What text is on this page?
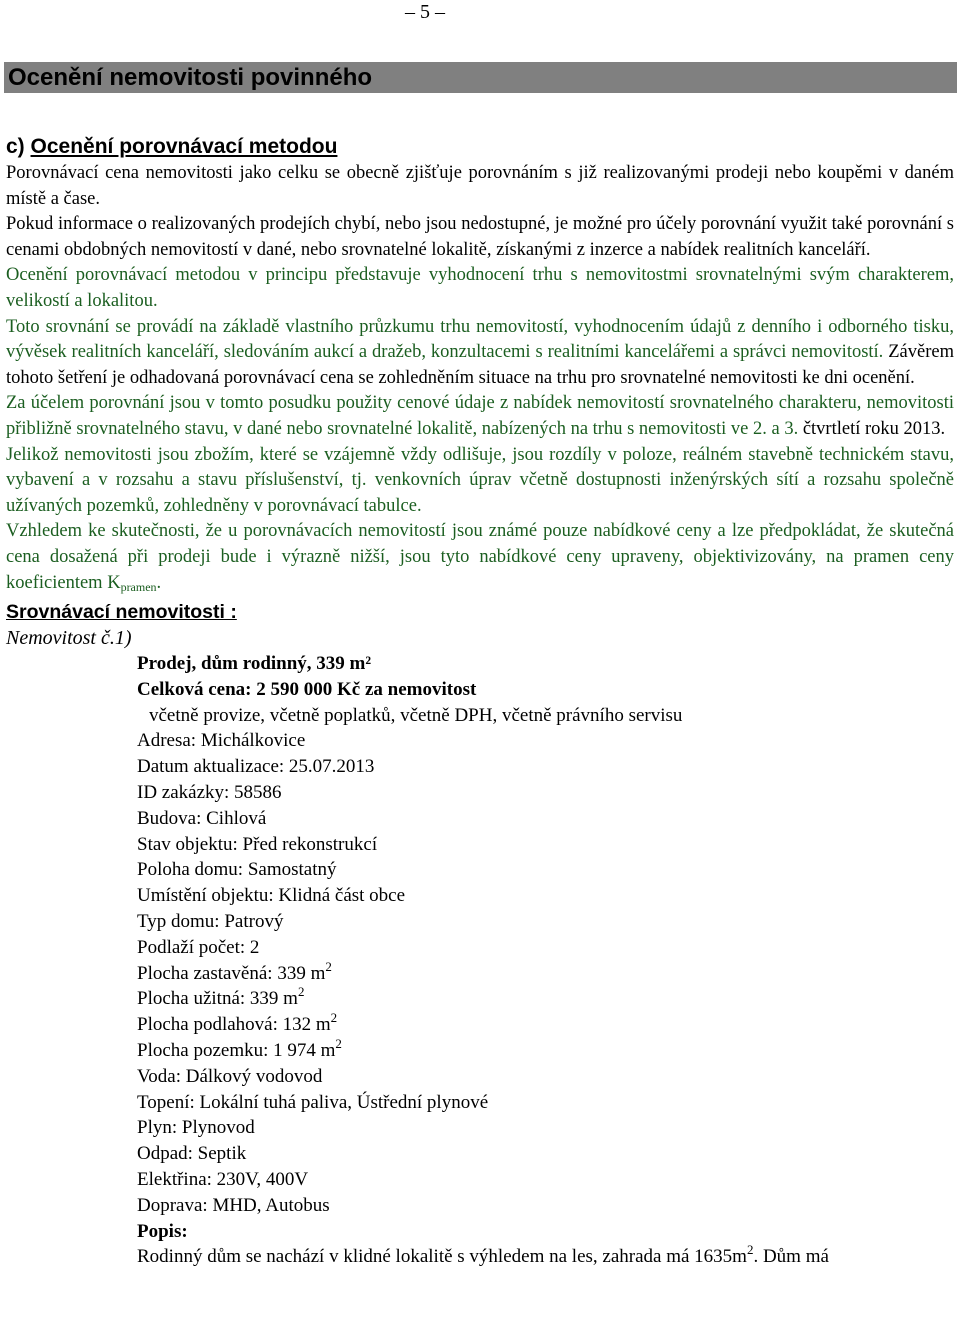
– 5 –
Ocenění nemovitosti povinného
c) Ocenění porovnávací metodou

Porovnávací cena nemovitosti jako celku se obecně zjišťuje porovnáním s již realizovanými prodeji nebo koupěmi v daném místě a čase.

Pokud informace o realizovaných prodejích chybí, nebo jsou nedostupné, je možné pro účely porovnání využit také porovnání s cenami obdobných nemovitostí v dané, nebo srovnatelné lokalitě, získanými z inzerce a nabídek realitních kanceláří.

Ocenění porovnávací metodou v principu představuje vyhodnocení trhu s nemovitostmi srovnatelnými svým charakterem, velikostí a lokalitou.

Toto srovnání se provádí na základě vlastního průzkumu trhu nemovitostí, vyhodnocením údajů z denního i odborného tisku, vývěsek realitních kanceláří, sledováním aukcí a dražeb, konzultacemi s realitními kancelářemi a správci nemovitostí. Závěrem tohoto šetření je odhadovaná porovnávací cena se zohledněním situace na trhu pro srovnatelné nemovitosti ke dni ocenění.

Za účelem porovnání jsou v tomto posudku použity cenové údaje z nabídek nemovitostí srovnatelného charakteru, nemovitosti přibližně srovnatelného stavu, v dané nebo srovnatelné lokalitě, nabízených na trhu s nemovitosti ve 2. a 3. čtvrtletí roku 2013.

Jelikož nemovitosti jsou zbožím, které se vzájemně vždy odlišuje, jsou rozdíly v poloze, reálném stavebně technickém stavu, vybavení a v rozsahu a stavu příslušenství, tj. venkovních úprav včetně dostupnosti inženýrských sítí a rozsahu společně užívaných pozemků, zohledněny v porovnávací tabulce.

Vzhledem ke skutečnosti, že u porovnávacích nemovitostí jsou známé pouze nabídkové ceny a lze předpokládat, že skutečná cena dosažená při prodeji bude i výrazně nižší, jsou tyto nabídkové ceny upraveny, objektivizovány, na pramen ceny koeficientem $K_{pramen}$.

Srovnávací nemovitosti :
Nemovitost č.1)
Prodej, dům rodinný, 339 m²
Celková cena: 2 590 000 Kč za nemovitost
včetně provize, včetně poplatků, včetně DPH, včetně právního servisu
Adresa: Michálkovice
Datum aktualizace: 25.07.2013
ID zakázky: 58586
Budova: Cihlová
Stav objektu: Před rekonstrukcí
Poloha domu: Samostatný
Umístění objektu: Klidná část obce
Typ domu: Patrový
Podlaží počet: 2
Plocha zastavěná: 339 $m^2$
Plocha užitná: 339 $m^2$
Plocha podlahová: 132 $m^2$
Plocha pozemku: 1 974 $m^2$
Voda: Dálkový vodovod
Topení: Lokální tuhá paliva, Ústřední plynové
Plyn: Plynovod
Odpad: Septik
Elektřina: 230V, 400V
Doprava: MHD, Autobus
Popis:
Rodinný dům se nachází v klidné lokalitě s výhledem na les, zahrada má $1635m^2$. Dům má
